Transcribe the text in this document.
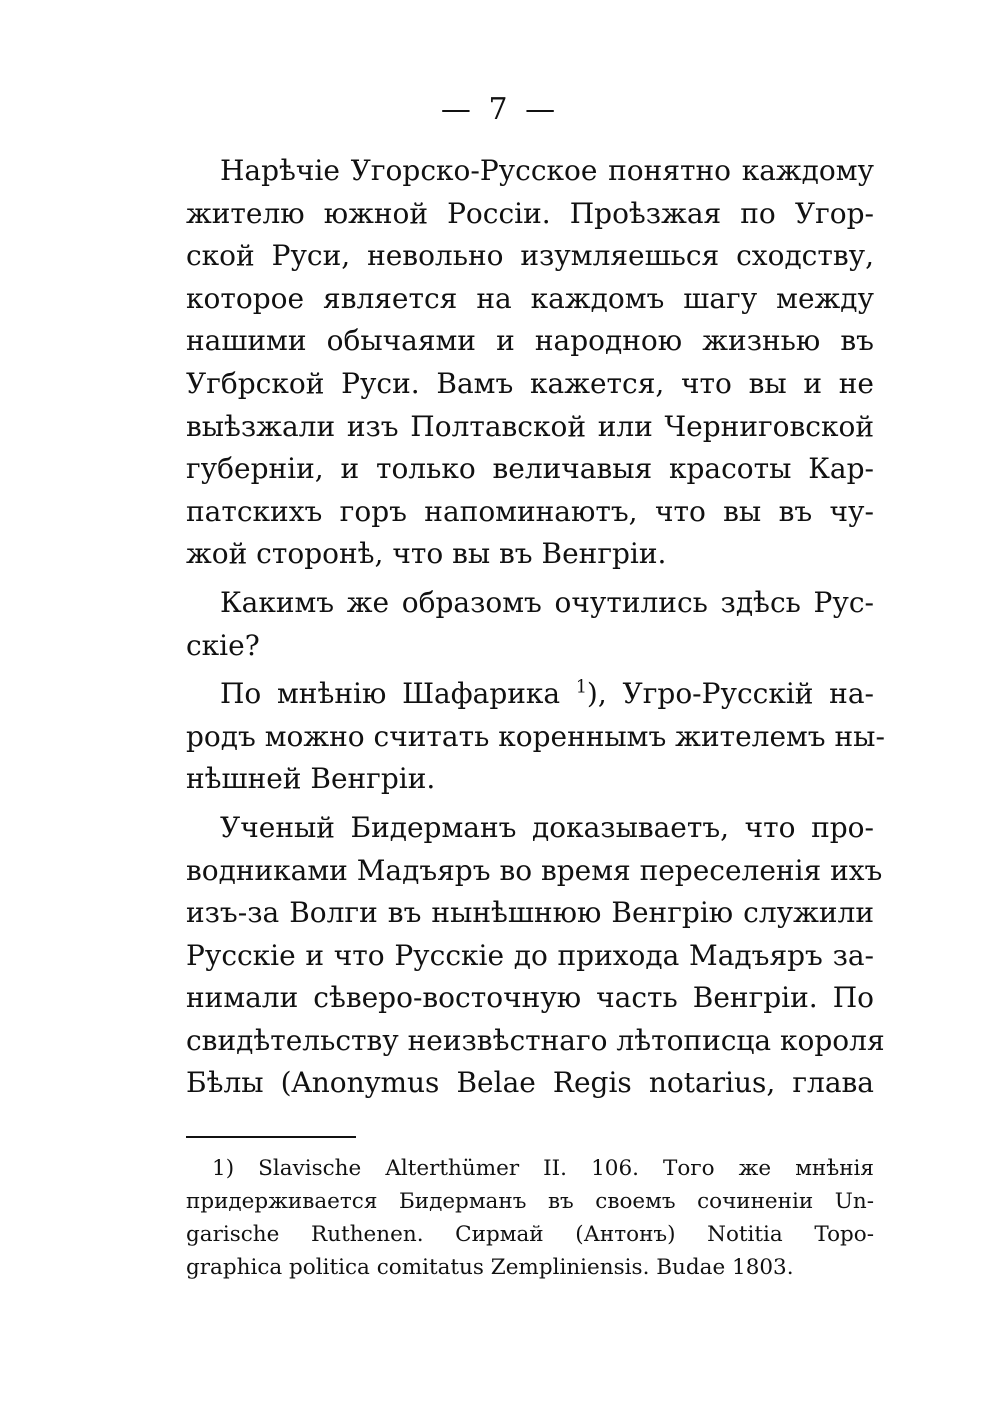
— 7 —
Нарѣчіе Угорско-Русское понятно каждому
жителю южной Россіи. Проѣзжая по Угор-
ской Руси, невольно изумляешься сходству,
которое является на каждомъ шагу между
нашими обычаями и народною жизнью въ
Угбрской Руси. Вамъ кажется, что вы и не
выѣзжали изъ Полтавской или Черниговской
губерніи, и только величавыя красоты Кар-
патскихъ горъ напоминаютъ, что вы въ чу-
жой сторонѣ, что вы въ Венгріи.
Какимъ же образомъ очутились здѣсь Рус-
скіе?
По мнѣнію Шафарика $^1$), Угро-Русскій на-
родъ можно считать кореннымъ жителемъ ны-
нѣшней Венгріи.
Ученый Бидерманъ доказываетъ, что про-
водниками Мадъяръ во время переселенія ихъ
изъ-за Волги въ нынѣшнюю Венгрію служили
Русскіе и что Русскіе до прихода Мадъяръ за-
нимали сѣверо-восточную часть Венгріи. По
свидѣтельству неизвѣстнаго лѣтописца короля
Бѣлы (Anonymus Belae Regis notarius, глава
1) Slavische Alterthümer II. 106. Того же мнѣнія
придерживается Бидерманъ въ своемъ сочиненіи Un-
garische Ruthenen. Сирмай (Антонъ) Notitia Topo-
graphica politica comitatus Zempliniensis. Budae 1803.
